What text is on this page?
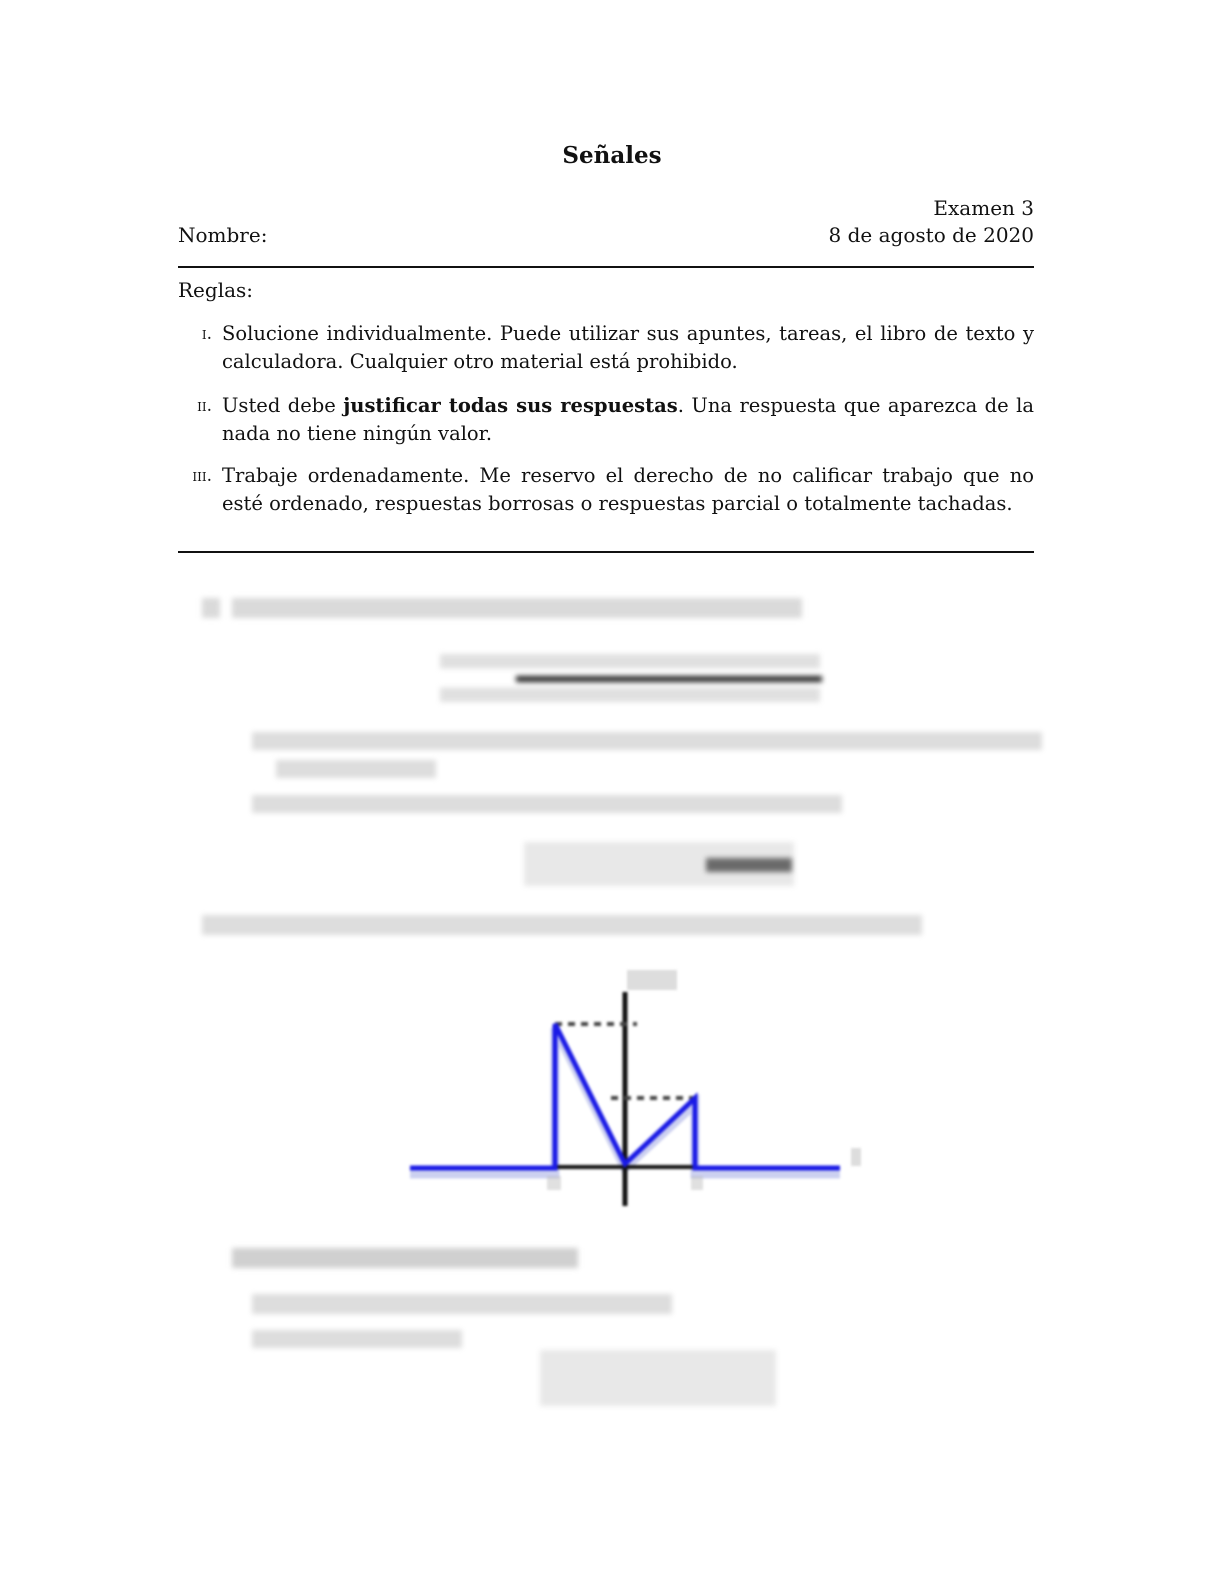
Señales
Examen 3
8 de agosto de 2020
Nombre:
Reglas:
i. Solucione individualmente. Puede utilizar sus apuntes, tareas, el libro de texto y calculadora. Cualquier otro material está prohibido.
ii. Usted debe justificar todas sus respuestas. Una respuesta que aparezca de la nada no tiene ningún valor.
iii. Trabaje ordenadamente. Me reservo el derecho de no calificar trabajo que no esté ordenado, respuestas borrosas o respuestas parcial o totalmente tachadas.
